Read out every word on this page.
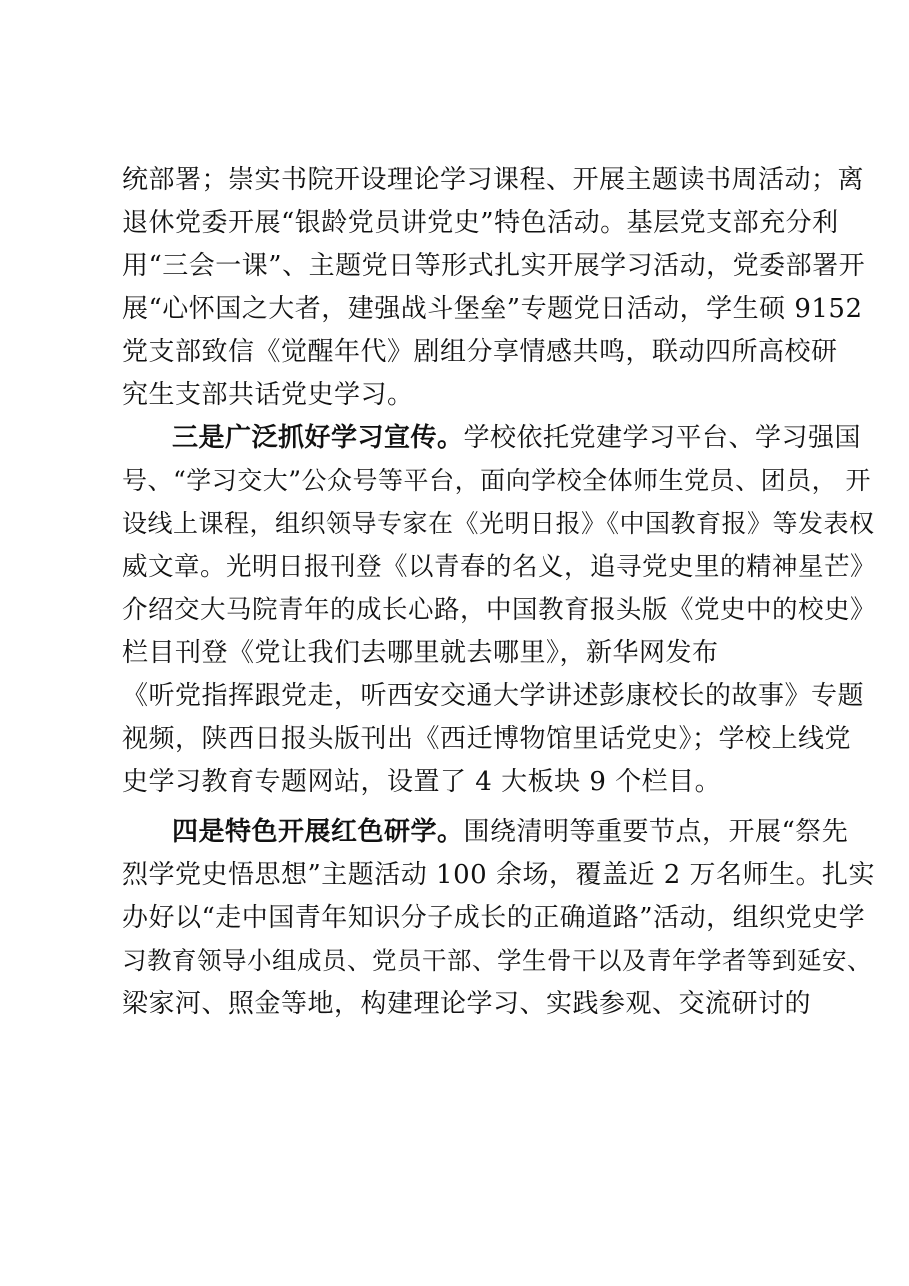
统部署；崇实书院开设理论学习课程、开展主题读书周活动；离
退休党委开展“银龄党员讲党史”特色活动。基层党支部充分利
用“三会一课”、主题党日等形式扎实开展学习活动，党委部署开
展“心怀国之大者，建强战斗堡垒”专题党日活动，学生硕 9152
党支部致信《觉醒年代》剧组分享情感共鸣，联动四所高校研
究生支部共话党史学习。
三是广泛抓好学习宣传。学校依托党建学习平台、学习强国
号、“学习交大”公众号等平台，面向学校全体师生党员、团员， 开
设线上课程，组织领导专家在《光明日报》《中国教育报》等发表权
威文章。光明日报刊登《以青春的名义，追寻党史里的精神星芒》
介绍交大马院青年的成长心路，中国教育报头版《党史中的校史》
栏目刊登《党让我们去哪里就去哪里》，新华网发布
《听党指挥跟党走，听西安交通大学讲述彭康校长的故事》专题
视频，陕西日报头版刊出《西迁博物馆里话党史》；学校上线党
史学习教育专题网站，设置了 4 大板块 9 个栏目。
四是特色开展红色研学。围绕清明等重要节点，开展“祭先
烈学党史悟思想”主题活动 100 余场，覆盖近 2 万名师生。扎实
办好以“走中国青年知识分子成长的正确道路”活动，组织党史学
习教育领导小组成员、党员干部、学生骨干以及青年学者等到延安、
梁家河、照金等地，构建理论学习、实践参观、交流研讨的
